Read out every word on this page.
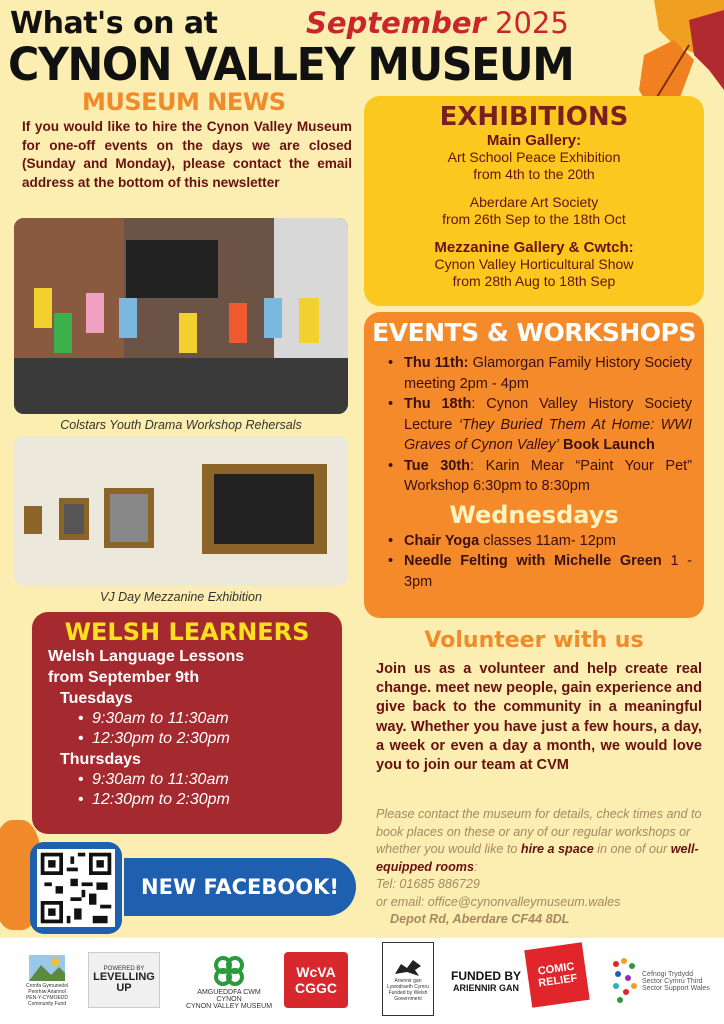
What's on at	September 2025
CYNON VALLEY MUSEUM
MUSEUM NEWS
If you would like to hire the Cynon Valley Museum for one-off events on the days we are closed (Sunday and Monday), please contact the email address at the bottom of this newsletter
Colstars Youth Drama Workshop Rehersals
VJ Day Mezzanine Exhibition
EXHIBITIONS

Main Gallery:

Art School Peace Exhibition

from 4th to the 20th

Aberdare Art Society

from 26th Sep to the 18th Oct

Mezzanine Gallery & Cwtch:

Cynon Valley Horticultural Show

from 28th Aug to 18th Sep

EVENTS & WORKSHOPS
• Thu 11th: Glamorgan Family History Society meeting 2pm - 4pm
• Thu 18th: Cynon Valley History Society Lecture ‘They Buried Them At Home: WWI Graves of Cynon Valley’ Book Launch
• Tue 30th: Karin Mear “Paint Your Pet” Workshop 6:30pm to 8:30pm
Wednesdays
• Chair Yoga classes 11am- 12pm
• Needle Felting with Michelle Green 1 - 3pm
WELSH LEARNERS
Welsh Language Lessons
from September 9th
Tuesdays
• 9:30am to 11:30am
• 12:30pm to 2:30pm
Thursdays
• 9:30am to 11:30am
• 12:30pm to 2:30pm
Volunteer with us
Join us as a volunteer and help create real change. meet new people, gain experience and give back to the community in a meaningful way. Whether you have just a few hours, a day, a week or even a day a month, we would love you to join our team at CVM
Please contact the museum for details, check times and to book places on these or any of our regular workshops or whether you would like to hire a space in one of our well-equipped rooms:
Tel: 01685 886729
or email: office@cynonvalleymuseum.wales
Depot Rd, Aberdare CF44 8DL
NEW FACEBOOK!
Cronfa Gymunedol Penrhiw Ariannol PEN-Y-CYMOEDD Community Fund
POWERED BY
LEVELLING UP	AMGUEDDFA CWM CYNON
CYNON VALLEY MUSEUM
WcVA
CGGC	Ariennir gan Lywodraeth Cymru Funded by Welsh Government
FUNDED BY
ARIENNIR GAN
COMIC RELIEF	Cefnogi Trydydd Sector Cymru Third Sector Support Wales
